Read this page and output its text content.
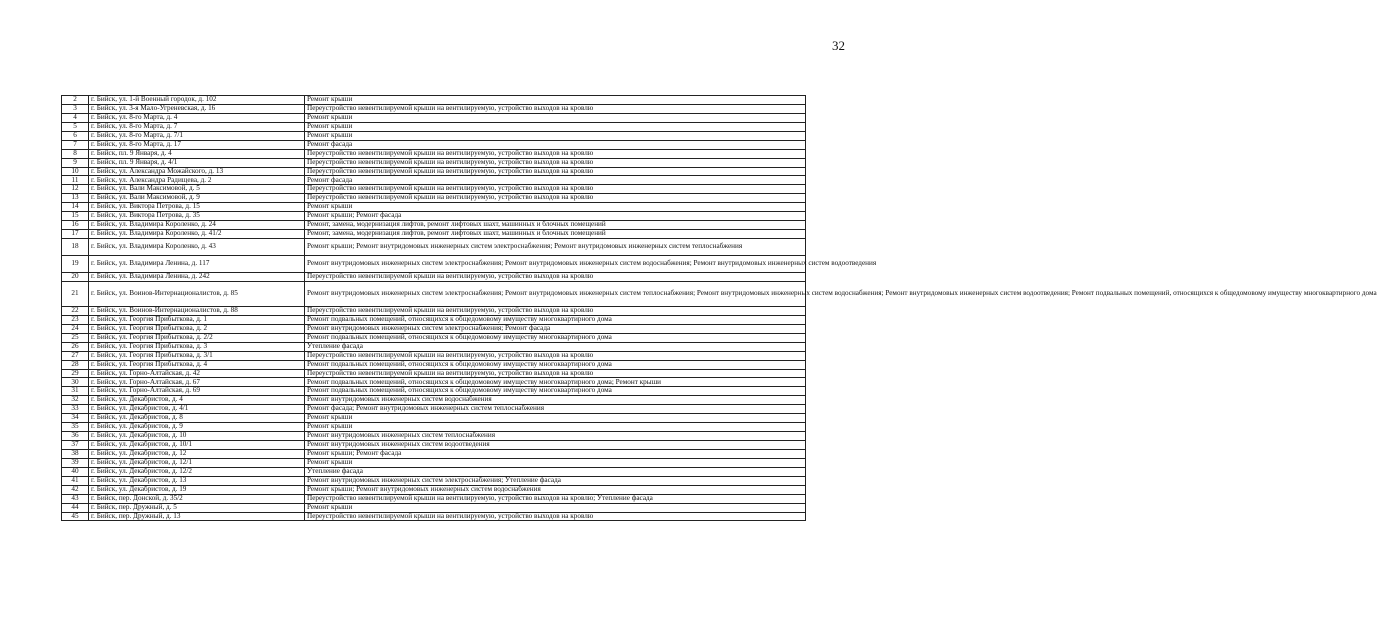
32
2	г. Бийск, ул. 1-й Военный городок, д. 102	Ремонт крыши
3	г. Бийск, ул. 3-я Мало-Угреневская, д. 16	Переустройство невентилируемой крыши на вентилируемую, устройство выходов на кровлю
4	г. Бийск, ул. 8-го Марта, д. 4	Ремонт крыши
5	г. Бийск, ул. 8-го Марта, д. 7	Ремонт крыши
6	г. Бийск, ул. 8-го Марта, д. 7/1	Ремонт крыши
7	г. Бийск, ул. 8-го Марта, д. 17	Ремонт фасада
8	г. Бийск, пл. 9 Января, д. 4	Переустройство невентилируемой крыши на вентилируемую, устройство выходов на кровлю
9	г. Бийск, пл. 9 Января, д. 4/1	Переустройство невентилируемой крыши на вентилируемую, устройство выходов на кровлю
10	г. Бийск, ул. Александра Можайского, д. 13	Переустройство невентилируемой крыши на вентилируемую, устройство выходов на кровлю
11	г. Бийск, ул. Александра Радищева, д. 2	Ремонт фасада
12	г. Бийск, ул. Вали Максимовой, д. 5	Переустройство невентилируемой крыши на вентилируемую, устройство выходов на кровлю
13	г. Бийск, ул. Вали Максимовой, д. 9	Переустройство невентилируемой крыши на вентилируемую, устройство выходов на кровлю
14	г. Бийск, ул. Виктора Петрова, д. 15	Ремонт крыши
15	г. Бийск, ул. Виктора Петрова, д. 35	Ремонт крыши; Ремонт фасада
16	г. Бийск, ул. Владимира Короленко, д. 24	Ремонт, замена, модернизация лифтов, ремонт лифтовых шахт, машинных и блочных помещений
17	г. Бийск, ул. Владимира Короленко, д. 41/2	Ремонт, замена, модернизация лифтов, ремонт лифтовых шахт, машинных и блочных помещений
18	г. Бийск, ул. Владимира Короленко, д. 43	Ремонт крыши; Ремонт внутридомовых инженерных систем электроснабжения; Ремонт внутридомовых инженерных систем теплоснабжения
19	г. Бийск, ул. Владимира Ленина, д. 117	Ремонт внутридомовых инженерных систем электроснабжения; Ремонт внутридомовых инженерных систем водоснабжения; Ремонт внутридомовых инженерных систем водоотведения
20	г. Бийск, ул. Владимира Ленина, д. 242	Переустройство невентилируемой крыши на вентилируемую, устройство выходов на кровлю
21	г. Бийск, ул. Воинов-Интернационалистов, д. 85	Ремонт внутридомовых инженерных систем электроснабжения; Ремонт внутридомовых инженерных систем теплоснабжения; Ремонт внутридомовых инженерных систем водоснабжения; Ремонт внутридомовых инженерных систем водоотведения; Ремонт подвальных помещений, относящихся к общедомовому имуществу многоквартирного дома
22	г. Бийск, ул. Воинов-Интернационалистов, д. 88	Переустройство невентилируемой крыши на вентилируемую, устройство выходов на кровлю
23	г. Бийск, ул. Георгия Прибыткова, д. 1	Ремонт подвальных помещений, относящихся к общедомовому имуществу многоквартирного дома
24	г. Бийск, ул. Георгия Прибыткова, д. 2	Ремонт внутридомовых инженерных систем электроснабжения; Ремонт фасада
25	г. Бийск, ул. Георгия Прибыткова, д. 2/2	Ремонт подвальных помещений, относящихся к общедомовому имуществу многоквартирного дома
26	г. Бийск, ул. Георгия Прибыткова, д. 3	Утепление фасада
27	г. Бийск, ул. Георгия Прибыткова, д. 3/1	Переустройство невентилируемой крыши на вентилируемую, устройство выходов на кровлю
28	г. Бийск, ул. Георгия Прибыткова, д. 4	Ремонт подвальных помещений, относящихся к общедомовому имуществу многоквартирного дома
29	г. Бийск, ул. Горно-Алтайская, д. 42	Переустройство невентилируемой крыши на вентилируемую, устройство выходов на кровлю
30	г. Бийск, ул. Горно-Алтайская, д. 67	Ремонт подвальных помещений, относящихся к общедомовому имуществу многоквартирного дома; Ремонт крыши
31	г. Бийск, ул. Горно-Алтайская, д. 69	Ремонт подвальных помещений, относящихся к общедомовому имуществу многоквартирного дома
32	г. Бийск, ул. Декабристов, д. 4	Ремонт внутридомовых инженерных систем водоснабжения
33	г. Бийск, ул. Декабристов, д. 4/1	Ремонт фасада; Ремонт внутридомовых инженерных систем теплоснабжения
34	г. Бийск, ул. Декабристов, д. 8	Ремонт крыши
35	г. Бийск, ул. Декабристов, д. 9	Ремонт крыши
36	г. Бийск, ул. Декабристов, д. 10	Ремонт внутридомовых инженерных систем теплоснабжения
37	г. Бийск, ул. Декабристов, д. 10/1	Ремонт внутридомовых инженерных систем водоотведения
38	г. Бийск, ул. Декабристов, д. 12	Ремонт крыши; Ремонт фасада
39	г. Бийск, ул. Декабристов, д. 12/1	Ремонт крыши
40	г. Бийск, ул. Декабристов, д. 12/2	Утепление фасада
41	г. Бийск, ул. Декабристов, д. 13	Ремонт внутридомовых инженерных систем электроснабжения; Утепление фасада
42	г. Бийск, ул. Декабристов, д. 19	Ремонт крыши; Ремонт внутридомовых инженерных систем водоснабжения
43	г. Бийск, пер. Донской, д. 35/2	Переустройство невентилируемой крыши на вентилируемую, устройство выходов на кровлю; Утепление фасада
44	г. Бийск, пер. Дружный, д. 5	Ремонт крыши
45	г. Бийск, пер. Дружный, д. 13	Переустройство невентилируемой крыши на вентилируемую, устройство выходов на кровлю
